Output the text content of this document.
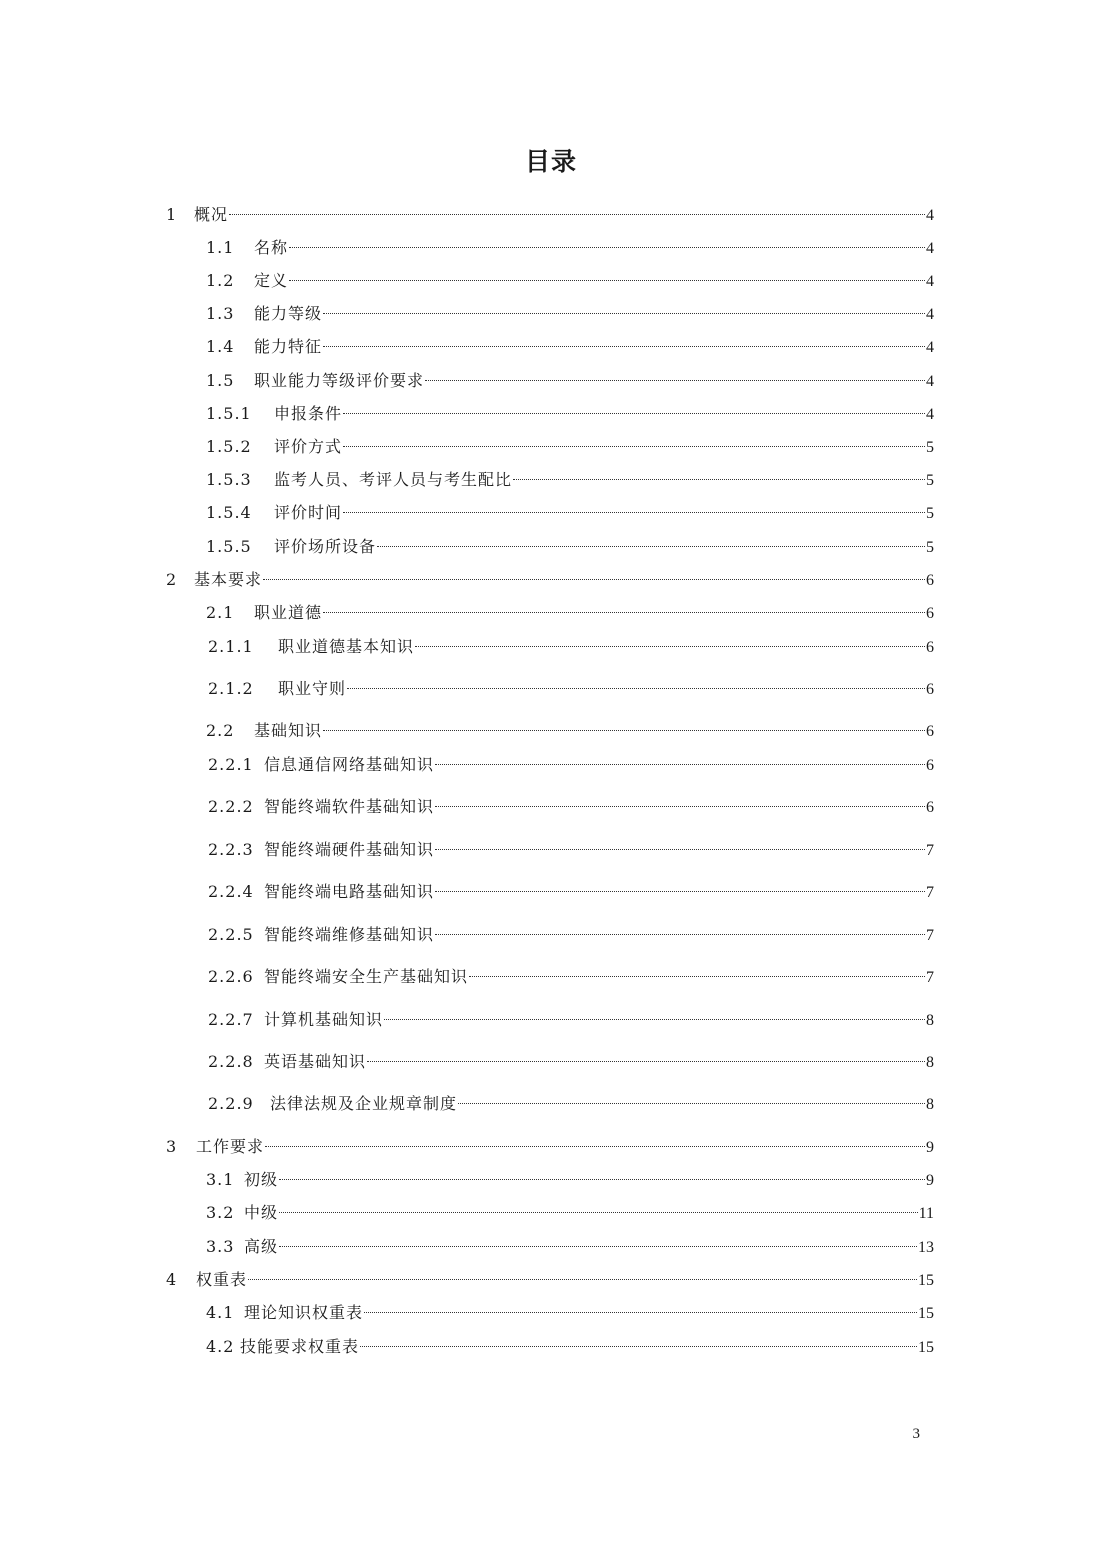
目录
1	概况	4
1.1	名称	4
1.2	定义	4
1.3	能力等级	4
1.4	能力特征	4
1.5	职业能力等级评价要求	4
1.5.1	申报条件	4
1.5.2	评价方式	5
1.5.3	监考人员、考评人员与考生配比	5
1.5.4	评价时间	5
1.5.5	评价场所设备	5
2	基本要求	6
2.1	职业道德	6
2.1.1	职业道德基本知识	6
2.1.2	职业守则	6
2.2	基础知识	6
2.2.1 信息通信网络基础知识	6
2.2.2 智能终端软件基础知识	6
2.2.3 智能终端硬件基础知识	7
2.2.4 智能终端电路基础知识	7
2.2.5 智能终端维修基础知识	7
2.2.6 智能终端安全生产基础知识	7
2.2.7 计算机基础知识	8
2.2.8 英语基础知识	8
2.2.9	法律法规及企业规章制度	8
3	工作要求	9
3.1 初级	9
3.2 中级	11
3.3 高级	13
4	权重表	15
4.1 理论知识权重表	15
4.2 技能要求权重表	15
3
